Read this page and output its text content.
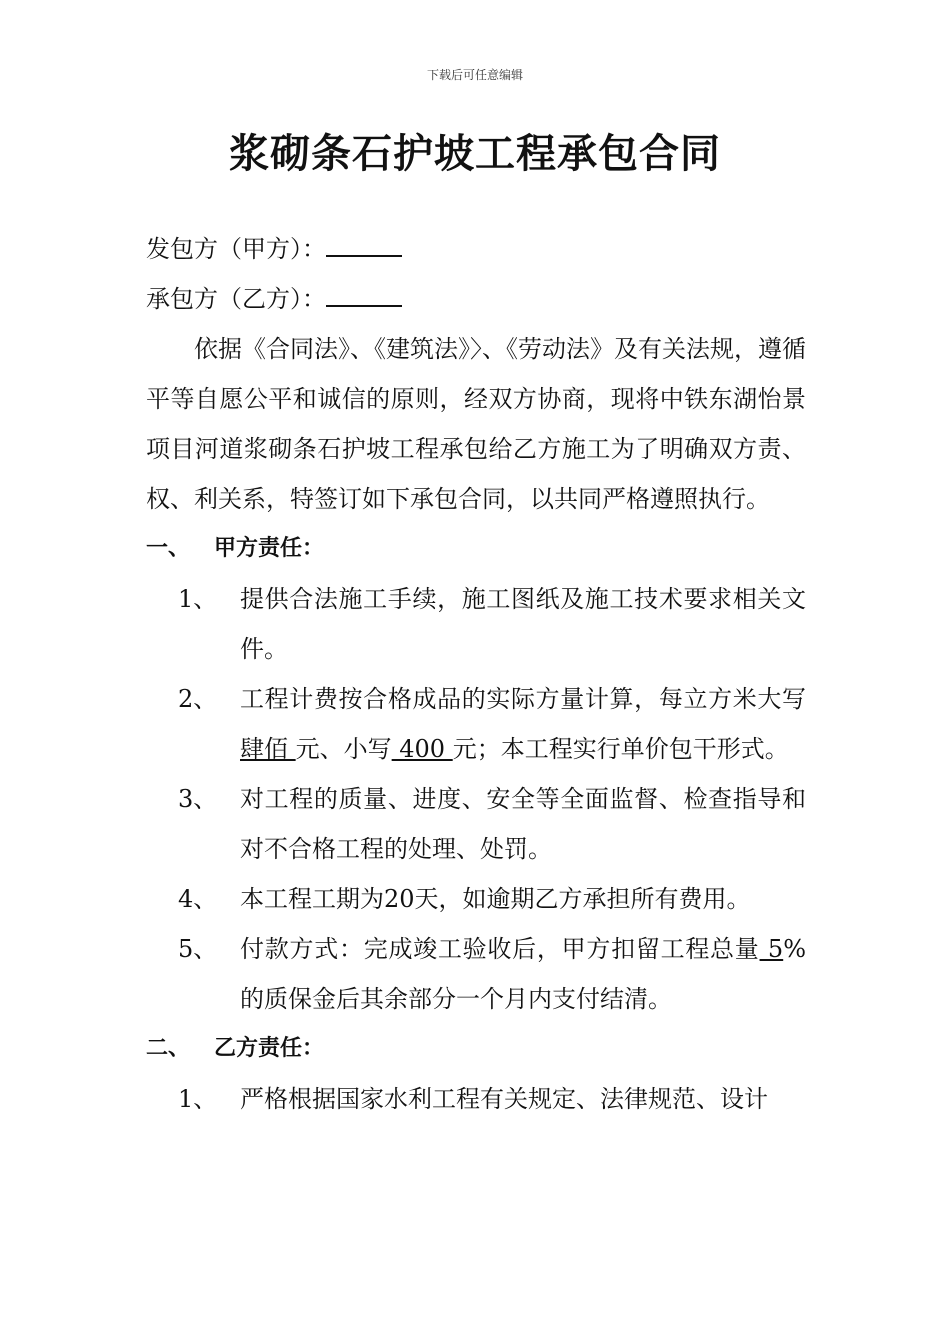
下载后可任意编辑
浆砌条石护坡工程承包合同
发包方（甲方）：
承包方（乙方）：
依据《合同法》、《建筑法》〉、《劳动法》及有关法规，遵循平等自愿公平和诚信的原则，经双方协商，现将中铁东湖怡景项目河道浆砌条石护坡工程承包给乙方施工为了明确双方责、权、利关系，特签订如下承包合同，以共同严格遵照执行。
一、	甲方责任：
1、 提供合法施工手续，施工图纸及施工技术要求相关文件。
2、 工程计费按合格成品的实际方量计算，每立方米大写 肆佰 元、小写 400 元；本工程实行单价包干形式。
3、 对工程的质量、进度、安全等全面监督、检查指导和对不合格工程的处理、处罚。
4、 本工程工期为20天，如逾期乙方承担所有费用。
5、 付款方式：完成竣工验收后，甲方扣留工程总量 5%的质保金后其余部分一个月内支付结清。
二、	乙方责任：
1、 严格根据国家水利工程有关规定、法律规范、设计
